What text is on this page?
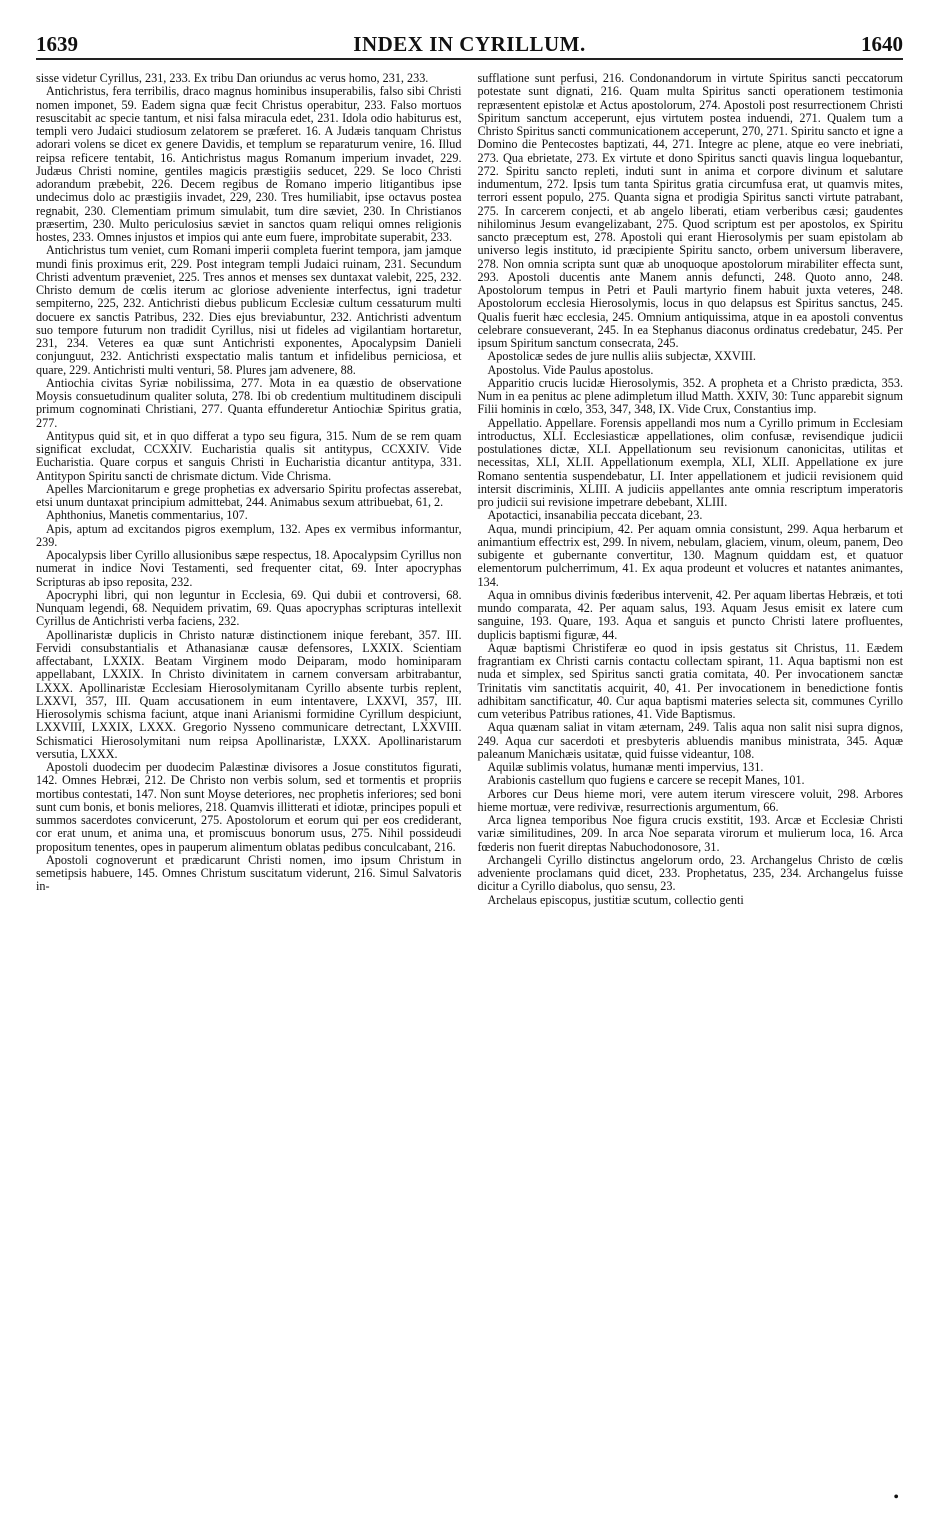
1639	INDEX IN CYRILLUM.	1640

sisse videtur Cyrillus, 231, 233. Ex tribu Dan oriundus ac verus homo, 231, 233.

Antichristus, fera terribilis, draco magnus hominibus insuperabilis, falso sibi Christi nomen imponet, 59. Eadem signa quæ fecit Christus operabitur, 233. Falso mortuos resuscitabit ac specie tantum, et nisi falsa miracula edet, 231. Idola odio habiturus est, templi vero Judaici studiosum zelatorem se præferet. 16. A Judæis tanquam Christus adorari volens se dicet ex genere Davidis, et templum se reparaturum venire, 16. Illud reipsa reficere tentabit, 16. Antichristus magus Romanum imperium invadet, 229. Judæus Christi nomine, gentiles magicis præstigiis seducet, 229. Se loco Christi adorandum præbebit, 226. Decem regibus de Romano imperio litigantibus ipse undecimus dolo ac præstigiis invadet, 229, 230. Tres humiliabit, ipse octavus postea regnabit, 230. Clementiam primum simulabit, tum dire sæviet, 230. In Christianos præsertim, 230. Multo periculosius sæviet in sanctos quam reliqui omnes religionis hostes, 233. Omnes injustos et impios qui ante eum fuere, improbitate superabit, 233.

Antichristus tum veniet, cum Romani imperii completa fuerint tempora, jam jamque mundi finis proximus erit, 229. Post integram templi Judaici ruinam, 231. Secundum Christi adventum præveniet, 225. Tres annos et menses sex duntaxat valebit, 225, 232. Christo demum de cœlis iterum ac gloriose adveniente interfectus, igni tradetur sempiterno, 225, 232. Antichristi diebus publicum Ecclesiæ cultum cessaturum multi docuere ex sanctis Patribus, 232. Dies ejus breviabuntur, 232. Antichristi adventum suo tempore futurum non tradidit Cyrillus, nisi ut fideles ad vigilantiam hortaretur, 231, 234. Veteres ea quæ sunt Antichristi exponentes, Apocalypsim Danieli conjunguut, 232. Antichristi exspectatio malis tantum et infidelibus perniciosa, et quare, 229. Antichristi multi venturi, 58. Plures jam advenere, 88.

Antiochia civitas Syriæ nobilissima, 277. Mota in ea quæstio de observatione Moysis consuetudinum qualiter soluta, 278. Ibi ob credentium multitudinem discipuli primum cognominati Christiani, 277. Quanta effunderetur Antiochiæ Spiritus gratia, 277.

Antitypus quid sit, et in quo differat a typo seu figura, 315. Num de se rem quam significat excludat, CCXXIV. Eucharistia qualis sit antitypus, CCXXIV. Vide Eucharistia. Quare corpus et sanguis Christi in Eucharistia dicantur antitypa, 331. Antitypon Spiritu sancti de chrismate dictum. Vide Chrisma.

Apelles Marcionitarum e grege prophetias ex adversario Spiritu profectas asserebat, etsi unum duntaxat principium admittebat, 244. Animabus sexum attribuebat, 61, 2.

Aphthonius, Manetis commentarius, 107.

Apis, aptum ad excitandos pigros exemplum, 132. Apes ex vermibus informantur, 239.

Apocalypsis liber Cyrillo allusionibus sæpe respectus, 18. Apocalypsim Cyrillus non numerat in indice Novi Testamenti, sed frequenter citat, 69. Inter apocryphas Scripturas ab ipso reposita, 232.

Apocryphi libri, qui non leguntur in Ecclesia, 69. Qui dubii et controversi, 68. Nunquam legendi, 68. Nequidem privatim, 69. Quas apocryphas scripturas intellexit Cyrillus de Antichristi verba faciens, 232.

Apollinaristæ duplicis in Christo naturæ distinctionem inique ferebant, 357. III. Fervidi consubstantialis et Athanasianæ causæ defensores, LXXIX. Scientiam affectabant, LXXIX. Beatam Virginem modo Deiparam, modo hominiparam appellabant, LXXIX. In Christo divinitatem in carnem conversam arbitrabantur, LXXX. Apollinaristæ Ecclesiam Hierosolymitanam Cyrillo absente turbis replent, LXXVI, 357, III. Quam accusationem in eum intentavere, LXXVI, 357, III. Hierosolymis schisma faciunt, atque inani Arianismi formidine Cyrillum despiciunt, LXXVIII, LXXIX, LXXX. Gregorio Nysseno communicare detrectant, LXXVIII. Schismatici Hierosolymitani num reipsa Apollinaristæ, LXXX. Apollinaristarum versutia, LXXX.

Apostoli duodecim per duodecim Palæstinæ divisores a Josue constitutos figurati, 142. Omnes Hebræi, 212. De Christo non verbis solum, sed et tormentis et propriis mortibus contestati, 147. Non sunt Moyse deteriores, nec prophetis inferiores; sed boni sunt cum bonis, et bonis meliores, 218. Quamvis illitterati et idiotæ, principes populi et summos sacerdotes convicerunt, 275. Apostolorum et eorum qui per eos crediderant, cor erat unum, et anima una, et promiscuus bonorum usus, 275. Nihil possideudi propositum tenentes, opes in pauperum alimentum oblatas pedibus conculcabant, 216.

Apostoli cognoverunt et prædicarunt Christi nomen, imo ipsum Christum in semetipsis habuere, 145. Omnes Christum suscitatum viderunt, 216. Simul Salvatoris in-

sufflatione sunt perfusi, 216. Condonandorum in virtute Spiritus sancti peccatorum potestate sunt dignati, 216. Quam multa Spiritus sancti operationem testimonia repræsentent epistolæ et Actus apostolorum, 274. Apostoli post resurrectionem Christi Spiritum sanctum acceperunt, ejus virtutem postea induendi, 271. Qualem tum a Christo Spiritus sancti communicationem acceperunt, 270, 271. Spiritu sancto et igne a Domino die Pentecostes baptizati, 44, 271. Integre ac plene, atque eo vere inebriati, 273. Qua ebrietate, 273. Ex virtute et dono Spiritus sancti quavis lingua loquebantur, 272. Spiritu sancto repleti, induti sunt in anima et corpore divinum et salutare indumentum, 272. Ipsis tum tanta Spiritus gratia circumfusa erat, ut quamvis mites, terrori essent populo, 275. Quanta signa et prodigia Spiritus sancti virtute patrabant, 275. In carcerem conjecti, et ab angelo liberati, etiam verberibus cæsi; gaudentes nihilominus Jesum evangelizabant, 275. Quod scriptum est per apostolos, ex Spiritu sancto præceptum est, 278. Apostoli qui erant Hierosolymis per suam epistolam ab universo legis instituto, id præcipiente Spiritu sancto, orbem universum liberavere, 278. Non omnia scripta sunt quæ ab unoquoque apostolorum mirabiliter effecta sunt, 293. Apostoli ducentis ante Manem annis defuncti, 248. Quoto anno, 248. Apostolorum tempus in Petri et Pauli martyrio finem habuit juxta veteres, 248. Apostolorum ecclesia Hierosolymis, locus in quo delapsus est Spiritus sanctus, 245. Qualis fuerit hæc ecclesia, 245. Omnium antiquissima, atque in ea apostoli conventus celebrare consueverant, 245. In ea Stephanus diaconus ordinatus credebatur, 245. Per ipsum Spiritum sanctum consecrata, 245.

Apostolicæ sedes de jure nullis aliis subjectæ, XXVIII.

Apostolus. Vide Paulus apostolus.

Apparitio crucis lucidæ Hierosolymis, 352. A propheta et a Christo prædicta, 353. Num in ea penitus ac plene adimpletum illud Matth. XXIV, 30: Tunc apparebit signum Filii hominis in cœlo, 353, 347, 348, IX. Vide Crux, Constantius imp.

Appellatio. Appellare. Forensis appellandi mos num a Cyrillo primum in Ecclesiam introductus, XLI. Ecclesiasticæ appellationes, olim confusæ, revisendique judicii postulationes dictæ, XLI. Appellationum seu revisionum canonicitas, utilitas et necessitas, XLI, XLII. Appellationum exempla, XLI, XLII. Appellatione ex jure Romano sententia suspendebatur, LI. Inter appellationem et judicii revisionem quid intersit discriminis, XLIII. A judiciis appellantes ante omnia rescriptum imperatoris pro judicii sui revisione impetrare debebant, XLIII.

Apotactici, insanabilia peccata dicebant, 23.

Aqua, mundi principium, 42. Per aquam omnia consistunt, 299. Aqua herbarum et animantium effectrix est, 299. In nivem, nebulam, glaciem, vinum, oleum, panem, Deo subigente et gubernante convertitur, 130. Magnum quiddam est, et quatuor elementorum pulcherrimum, 41. Ex aqua prodeunt et volucres et natantes animantes, 134.

Aqua in omnibus divinis fœderibus intervenit, 42. Per aquam libertas Hebræis, et toti mundo comparata, 42. Per aquam salus, 193. Aquam Jesus emisit ex latere cum sanguine, 193. Quare, 193. Aqua et sanguis et puncto Christi latere profluentes, duplicis baptismi figuræ, 44.

Aquæ baptismi Christiferæ eo quod in ipsis gestatus sit Christus, 11. Eædem fragrantiam ex Christi carnis contactu collectam spirant, 11. Aqua baptismi non est nuda et simplex, sed Spiritus sancti gratia comitata, 40. Per invocationem sanctæ Trinitatis vim sanctitatis acquirit, 40, 41. Per invocationem in benedictione fontis adhibitam sanctificatur, 40. Cur aqua baptismi materies selecta sit, communes Cyrillo cum veteribus Patribus rationes, 41. Vide Baptismus.

Aqua quænam saliat in vitam æternam, 249. Talis aqua non salit nisi supra dignos, 249. Aqua cur sacerdoti et presbyteris abluendis manibus ministrata, 345. Aquæ paleanum Manichæis usitatæ, quid fuisse videantur, 108.

Aquilæ sublimis volatus, humanæ menti impervius, 131.

Arabionis castellum quo fugiens e carcere se recepit Manes, 101.

Arbores cur Deus hieme mori, vere autem iterum virescere voluit, 298. Arbores hieme mortuæ, vere redivivæ, resurrectionis argumentum, 66.

Arca lignea temporibus Noe figura crucis exstitit, 193. Arcæ et Ecclesiæ Christi variæ similitudines, 209. In arca Noe separata virorum et mulierum loca, 16. Arca fœderis non fuerit direptas Nabuchodonosore, 31.

Archangeli Cyrillo distinctus angelorum ordo, 23. Archangelus Christo de cœlis adveniente proclamans quid dicet, 233. Prophetatus, 235, 234. Archangelus fuisse dicitur a Cyrillo diabolus, quo sensu, 23.

Archelaus episcopus, justitiæ scutum, collectio genti

•
